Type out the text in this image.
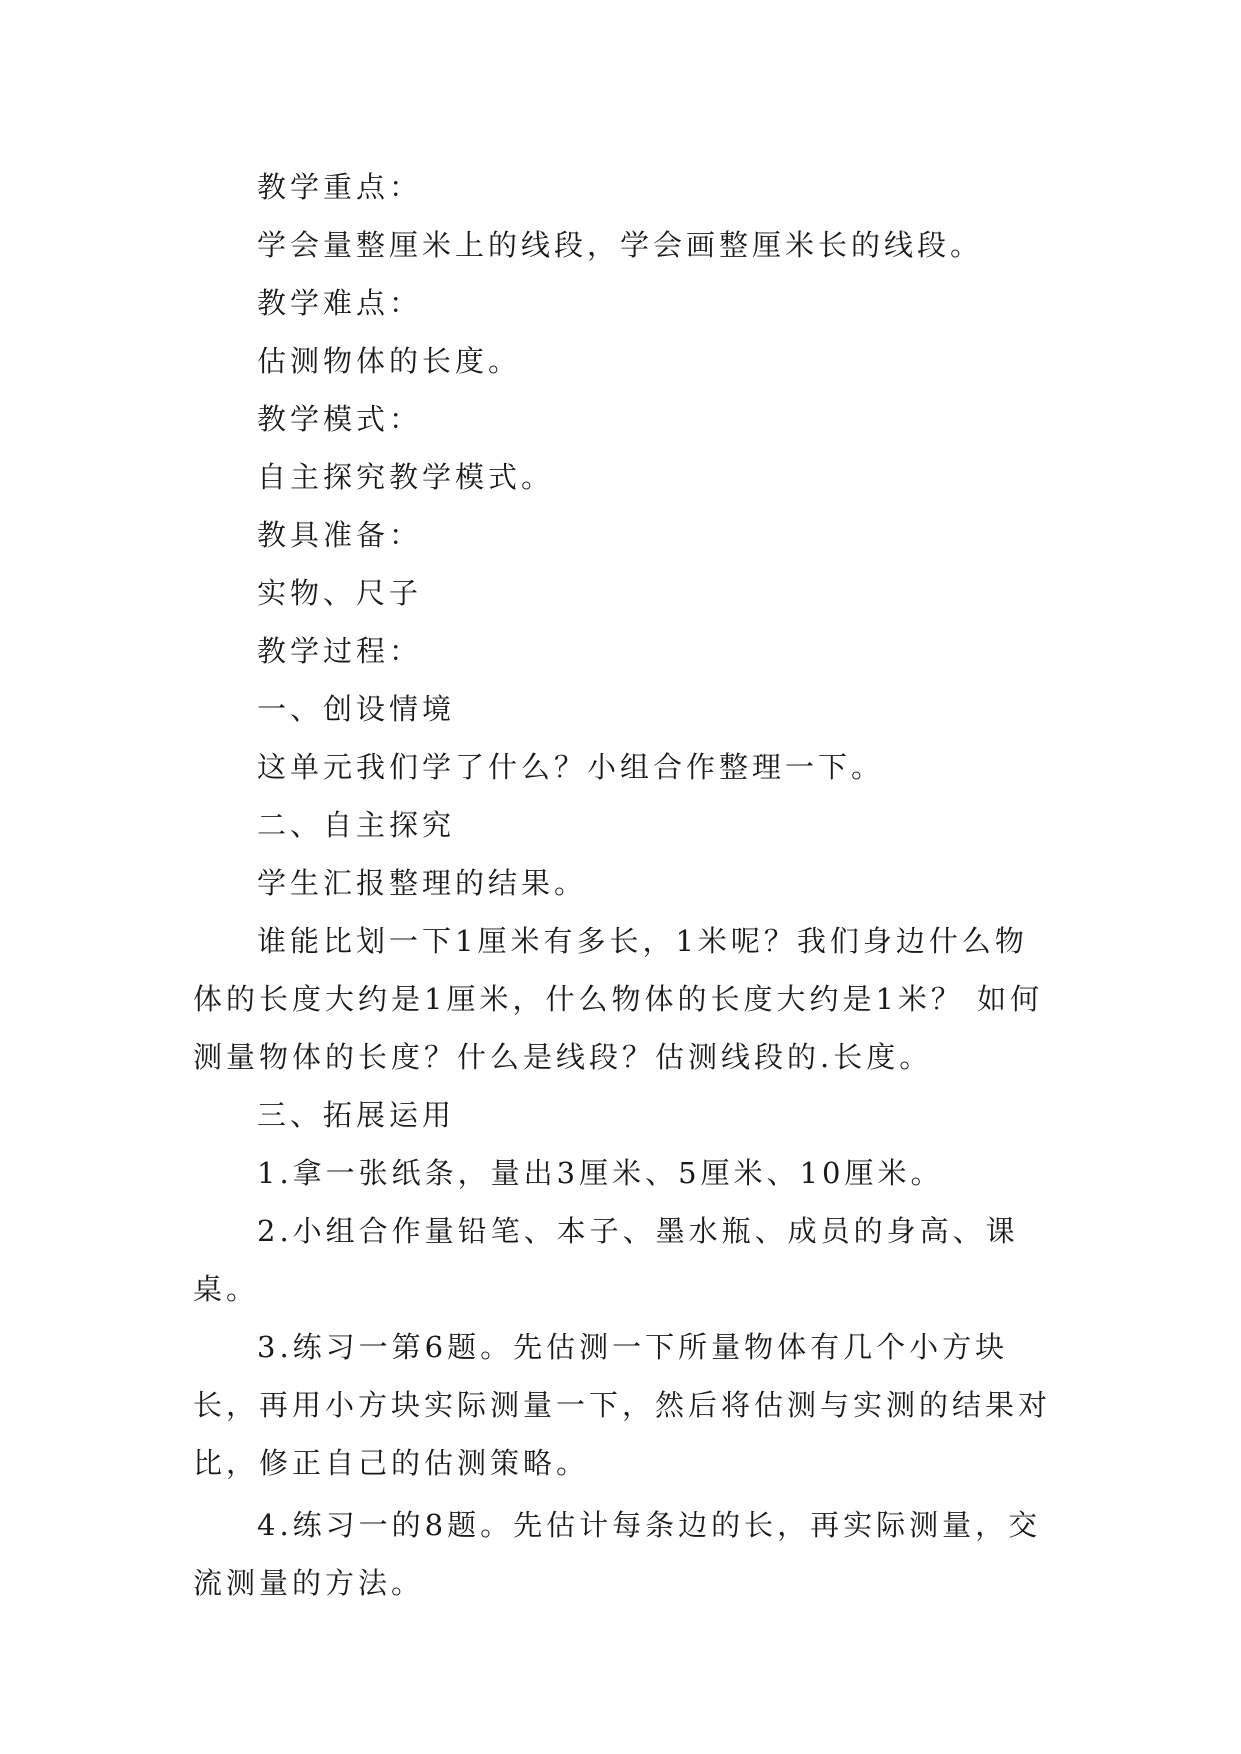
教学重点：

学会量整厘米上的线段，学会画整厘米长的线段。

教学难点：

估测物体的长度。

教学模式：

自主探究教学模式。

教具准备：

实物、尺子

教学过程：

一、创设情境

这单元我们学了什么？小组合作整理一下。

二、自主探究

学生汇报整理的结果。

谁能比划一下1厘米有多长，1米呢？我们身边什么物体的长度大约是1厘米，什么物体的长度大约是1米？ 如何测量物体的长度？什么是线段？估测线段的.长度。

三、拓展运用

1.拿一张纸条，量出3厘米、5厘米、10厘米。

2.小组合作量铅笔、本子、墨水瓶、成员的身高、课桌。

3.练习一第6题。先估测一下所量物体有几个小方块长，再用小方块实际测量一下，然后将估测与实测的结果对比，修正自己的估测策略。

4.练习一的8题。先估计每条边的长，再实际测量，交流测量的方法。
